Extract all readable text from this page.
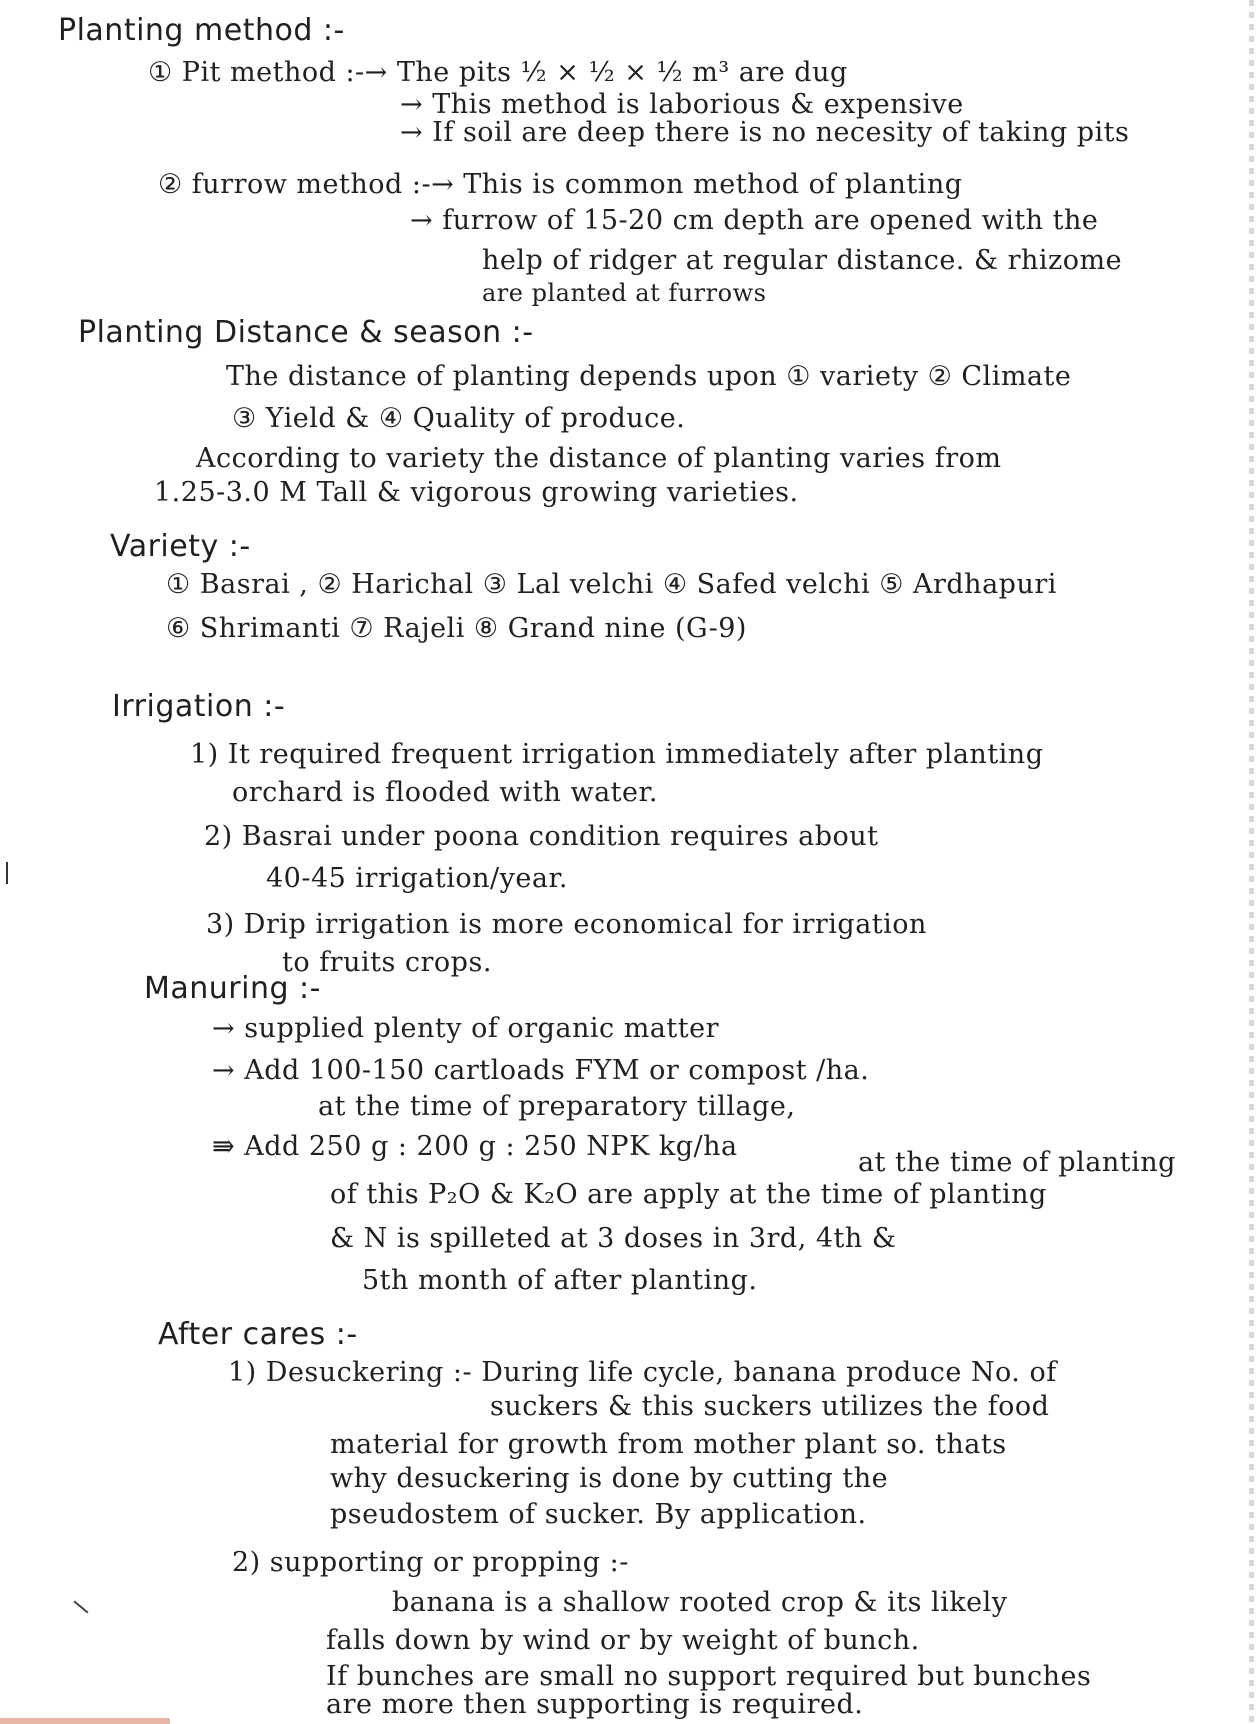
Planting method :-
① Pit method :-→ The pits ½ × ½ × ½ m³ are dug
→ This method is laborious & expensive
→ If soil are deep there is no necesity of taking pits
② furrow method :-→ This is common method of planting
→ furrow of 15-20 cm depth are opened with the
help of ridger at regular distance. & rhizome
are planted at furrows
Planting Distance & season :-
The distance of planting depends upon ① variety ② Climate
③ Yield & ④ Quality of produce.
According to variety the distance of planting varies from
1.25-3.0 M Tall & vigorous growing varieties.
Variety :-
① Basrai , ② Harichal ③ Lal velchi ④ Safed velchi ⑤ Ardhapuri
⑥ Shrimanti ⑦ Rajeli ⑧ Grand nine (G-9)
Irrigation :-
1) It required frequent irrigation immediately after planting
orchard is flooded with water.
2) Basrai under poona condition requires about
40-45 irrigation/year.
3) Drip irrigation is more economical for irrigation
to fruits crops.
Manuring :-
→ supplied plenty of organic matter
→ Add 100-150 cartloads FYM or compost /ha.
at the time of preparatory tillage,
⇛ Add 250 g : 200 g : 250 NPK kg/ha
at the time of planting
of this P₂O & K₂O are apply at the time of planting
& N is spilleted at 3 doses in 3rd, 4th &
5th month of after planting.
After cares :-
1) Desuckering :- During life cycle, banana produce No. of
suckers & this suckers utilizes the food
material for growth from mother plant so. thats
why desuckering is done by cutting the
pseudostem of sucker. By application.
2) supporting or propping :-
banana is a shallow rooted crop & its likely
falls down by wind or by weight of bunch.
If bunches are small no support required but bunches
are more then supporting is required.
